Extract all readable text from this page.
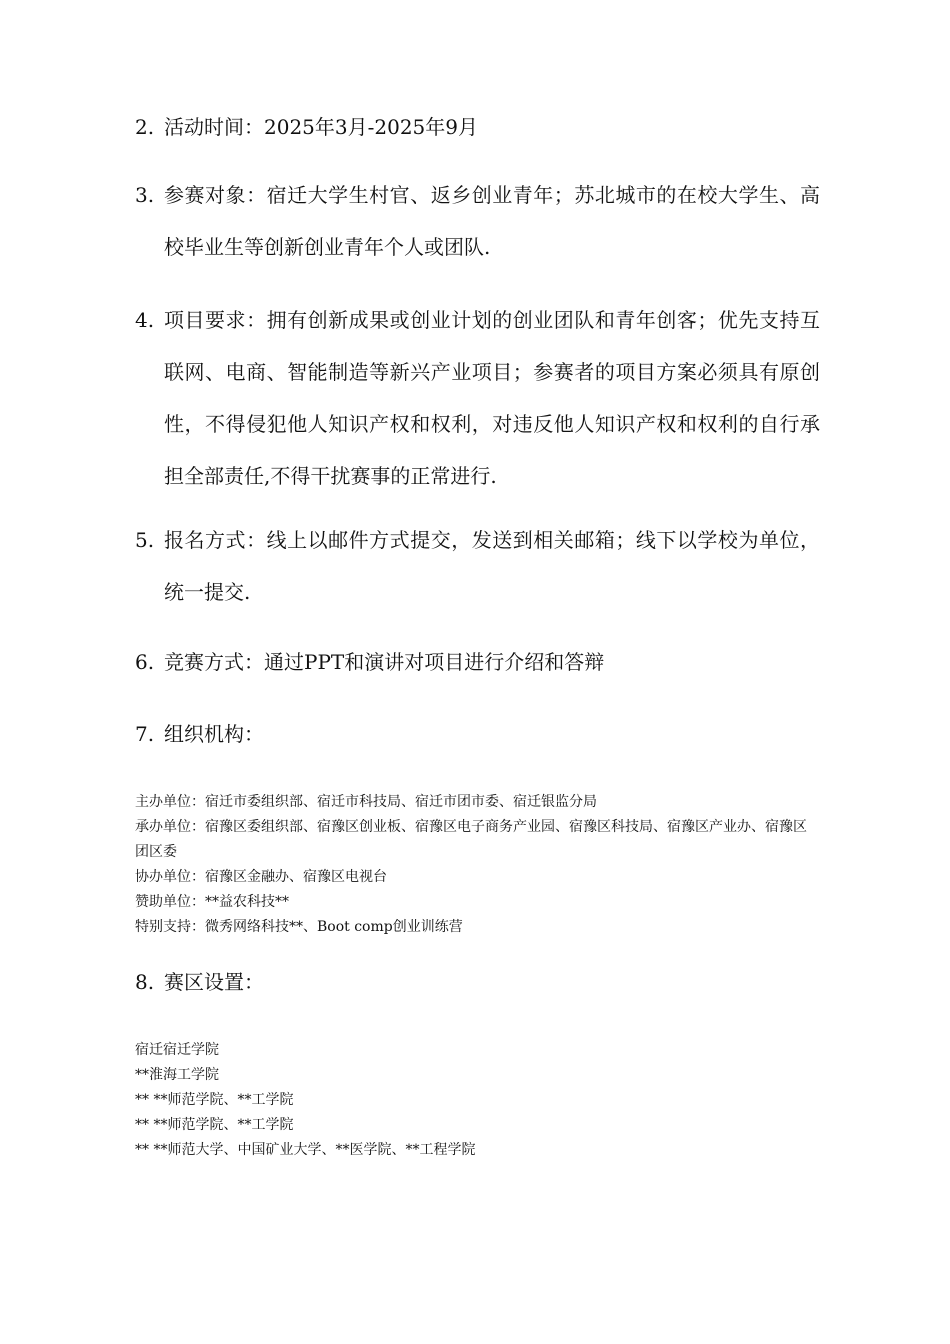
2. 活动时间：2025年3月-2025年9月
3. 参赛对象：宿迁大学生村官、返乡创业青年；苏北城市的在校大学生、高校毕业生等创新创业青年个人或团队.
4. 项目要求：拥有创新成果或创业计划的创业团队和青年创客；优先支持互联网、电商、智能制造等新兴产业项目；参赛者的项目方案必须具有原创性，不得侵犯他人知识产权和权利，对违反他人知识产权和权利的自行承担全部责任,不得干扰赛事的正常进行.
5. 报名方式：线上以邮件方式提交，发送到相关邮箱；线下以学校为单位，统一提交.
6. 竞赛方式：通过PPT和演讲对项目进行介绍和答辩
7. 组织机构：
主办单位：宿迁市委组织部、宿迁市科技局、宿迁市团市委、宿迁银监分局
承办单位：宿豫区委组织部、宿豫区创业板、宿豫区电子商务产业园、宿豫区科技局、宿豫区产业办、宿豫区团区委
协办单位：宿豫区金融办、宿豫区电视台
赞助单位：**益农科技**
特别支持：微秀网络科技**、Boot comp创业训练营
8. 赛区设置：
宿迁宿迁学院
**淮海工学院
** **师范学院、**工学院
** **师范学院、**工学院
** **师范大学、中国矿业大学、**医学院、**工程学院
